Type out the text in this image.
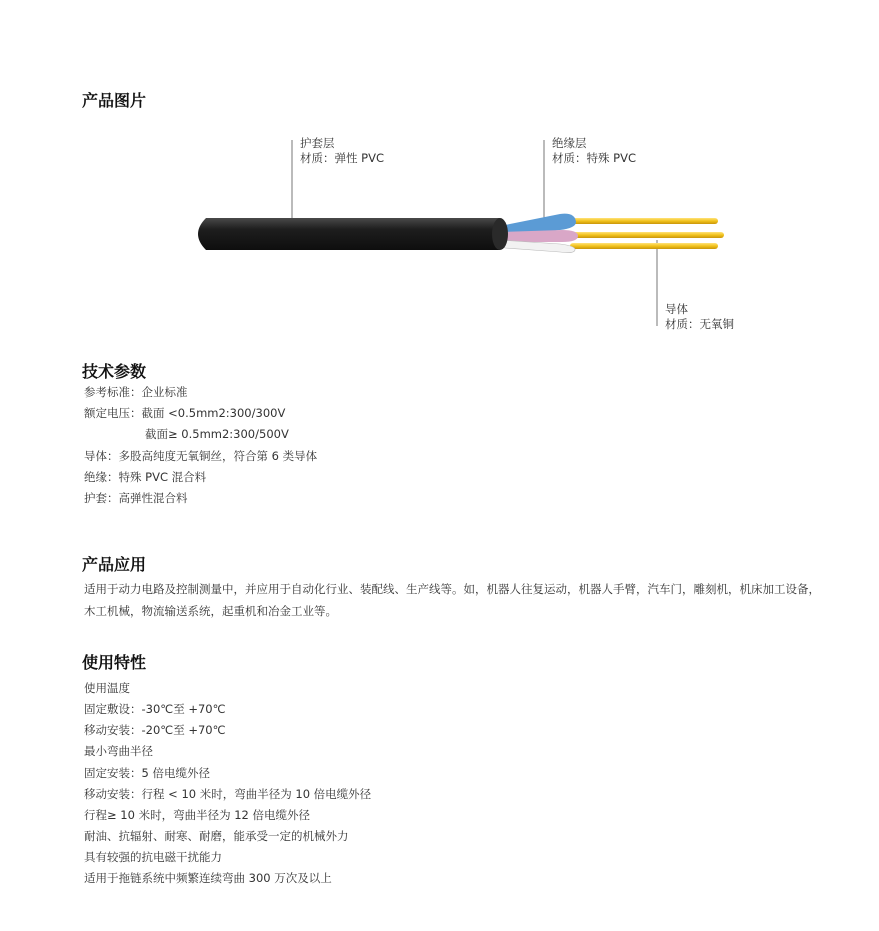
产品图片
护套层
材质：弹性 PVC
绝缘层
材质：特殊 PVC
导体
材质：无氧铜
技术参数
参考标准：企业标准
额定电压：截面 <0.5mm2:300/300V
截面≥ 0.5mm2:300/500V
导体：多股高纯度无氧铜丝，符合第 6 类导体
绝缘：特殊 PVC 混合料
护套：高弹性混合料
产品应用
适用于动力电路及控制测量中，并应用于自动化行业、装配线、生产线等。如，机器人往复运动，机器人手臂，汽车门，雕刻机，机床加工设备，
木工机械，物流输送系统，起重机和冶金工业等。
使用特性
使用温度
固定敷设：-30℃至 +70℃
移动安装：-20℃至 +70℃
最小弯曲半径
固定安装：5 倍电缆外径
移动安装：行程 < 10 米时，弯曲半径为 10 倍电缆外径
行程≥ 10 米时，弯曲半径为 12 倍电缆外径
耐油、抗辐射、耐寒、耐磨，能承受一定的机械外力
具有较强的抗电磁干扰能力
适用于拖链系统中频繁连续弯曲 300 万次及以上
